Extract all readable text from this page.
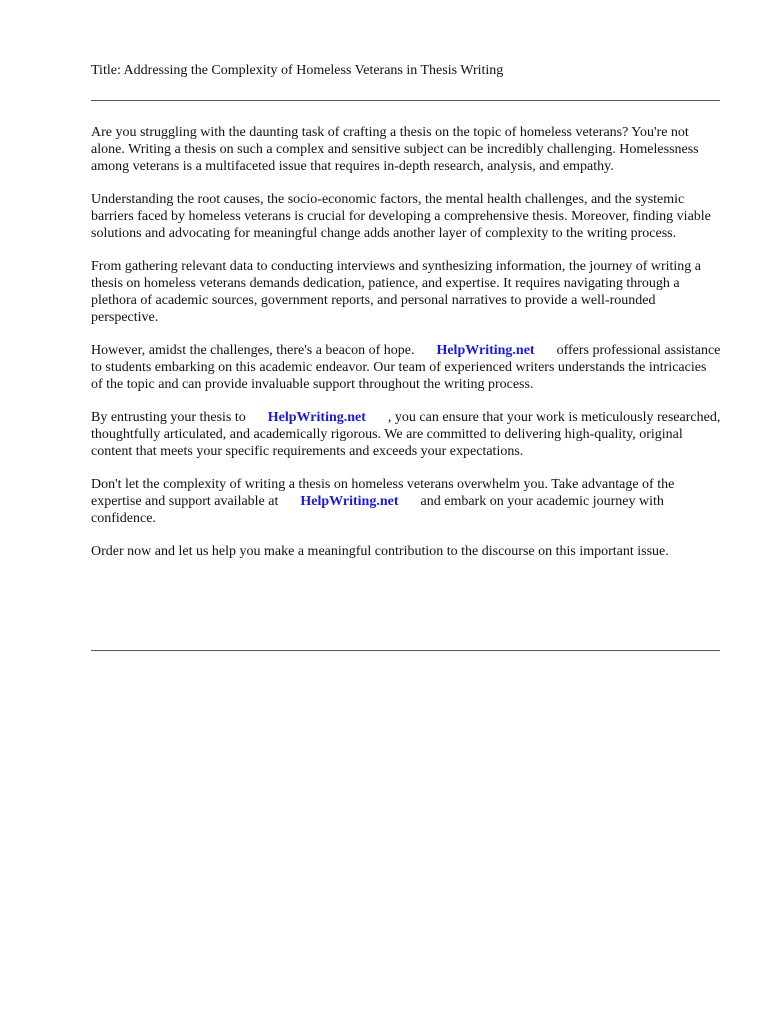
Title: Addressing the Complexity of Homeless Veterans in Thesis Writing

Are you struggling with the daunting task of crafting a thesis on the topic of homeless veterans? You're not alone. Writing a thesis on such a complex and sensitive subject can be incredibly challenging. Homelessness among veterans is a multifaceted issue that requires in-depth research, analysis, and empathy.

Understanding the root causes, the socio-economic factors, the mental health challenges, and the systemic barriers faced by homeless veterans is crucial for developing a comprehensive thesis. Moreover, finding viable solutions and advocating for meaningful change adds another layer of complexity to the writing process.

From gathering relevant data to conducting interviews and synthesizing information, the journey of writing a thesis on homeless veterans demands dedication, patience, and expertise. It requires navigating through a plethora of academic sources, government reports, and personal narratives to provide a well-rounded perspective.

However, amidst the challenges, there's a beacon of hope. HelpWriting.net offers professional assistance to students embarking on this academic endeavor. Our team of experienced writers understands the intricacies of the topic and can provide invaluable support throughout the writing process.

By entrusting your thesis to HelpWriting.net , you can ensure that your work is meticulously researched, thoughtfully articulated, and academically rigorous. We are committed to delivering high-quality, original content that meets your specific requirements and exceeds your expectations.

Don't let the complexity of writing a thesis on homeless veterans overwhelm you. Take advantage of the expertise and support available at HelpWriting.net and embark on your academic journey with confidence.

Order now and let us help you make a meaningful contribution to the discourse on this important issue.
